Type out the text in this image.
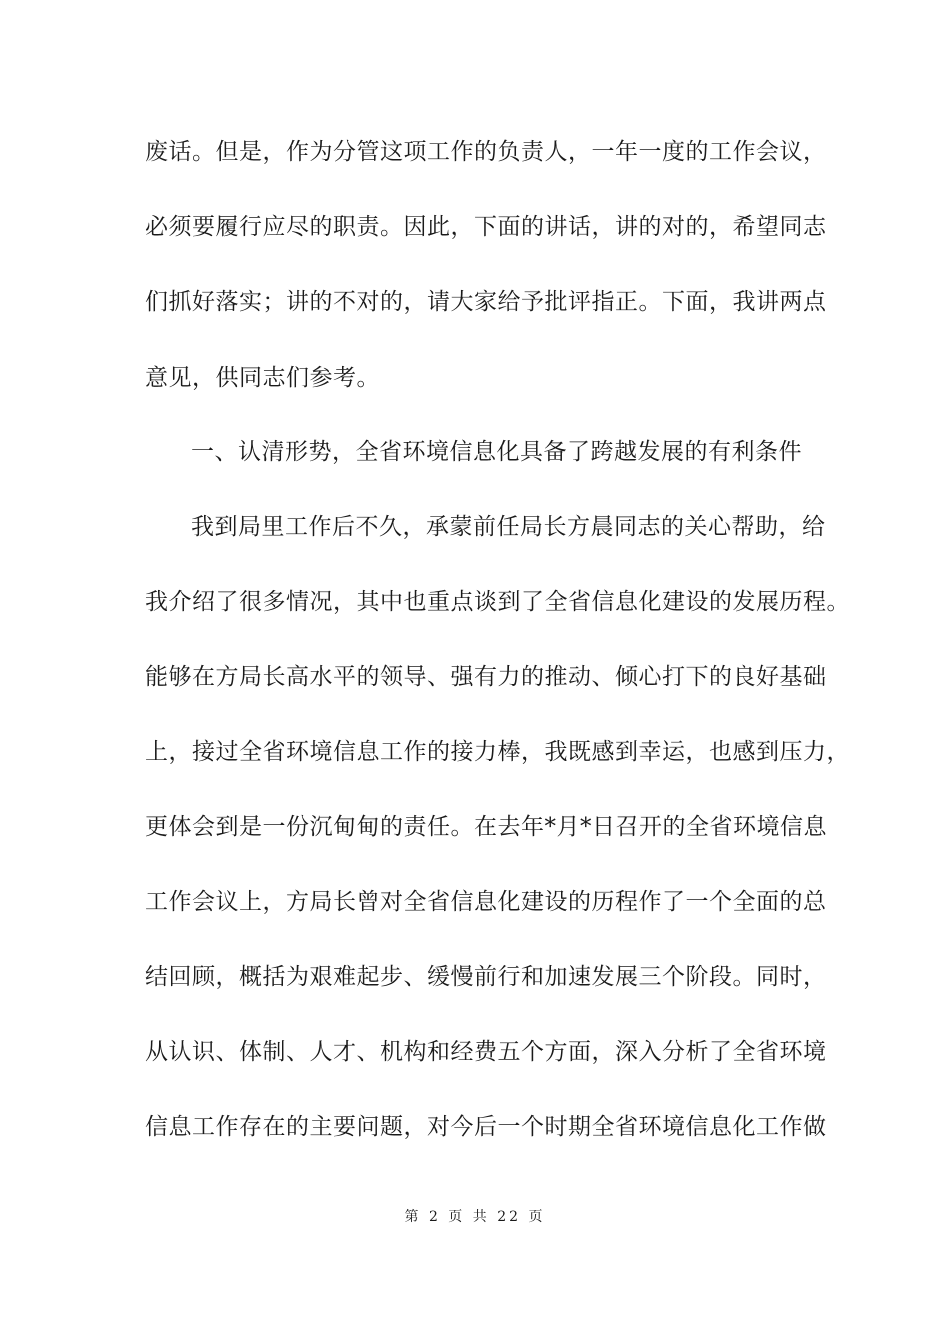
废话。但是，作为分管这项工作的负责人，一年一度的工作会议，
必须要履行应尽的职责。因此，下面的讲话，讲的对的，希望同志
们抓好落实；讲的不对的，请大家给予批评指正。下面，我讲两点
意见，供同志们参考。
一、认清形势，全省环境信息化具备了跨越发展的有利条件
我到局里工作后不久，承蒙前任局长方晨同志的关心帮助，给
我介绍了很多情况，其中也重点谈到了全省信息化建设的发展历程。
能够在方局长高水平的领导、强有力的推动、倾心打下的良好基础
上，接过全省环境信息工作的接力棒，我既感到幸运，也感到压力，
更体会到是一份沉甸甸的责任。在去年*月*日召开的全省环境信息
工作会议上，方局长曾对全省信息化建设的历程作了一个全面的总
结回顾，概括为艰难起步、缓慢前行和加速发展三个阶段。同时，
从认识、体制、人才、机构和经费五个方面，深入分析了全省环境
信息工作存在的主要问题，对今后一个时期全省环境信息化工作做
第 2 页 共 22 页
